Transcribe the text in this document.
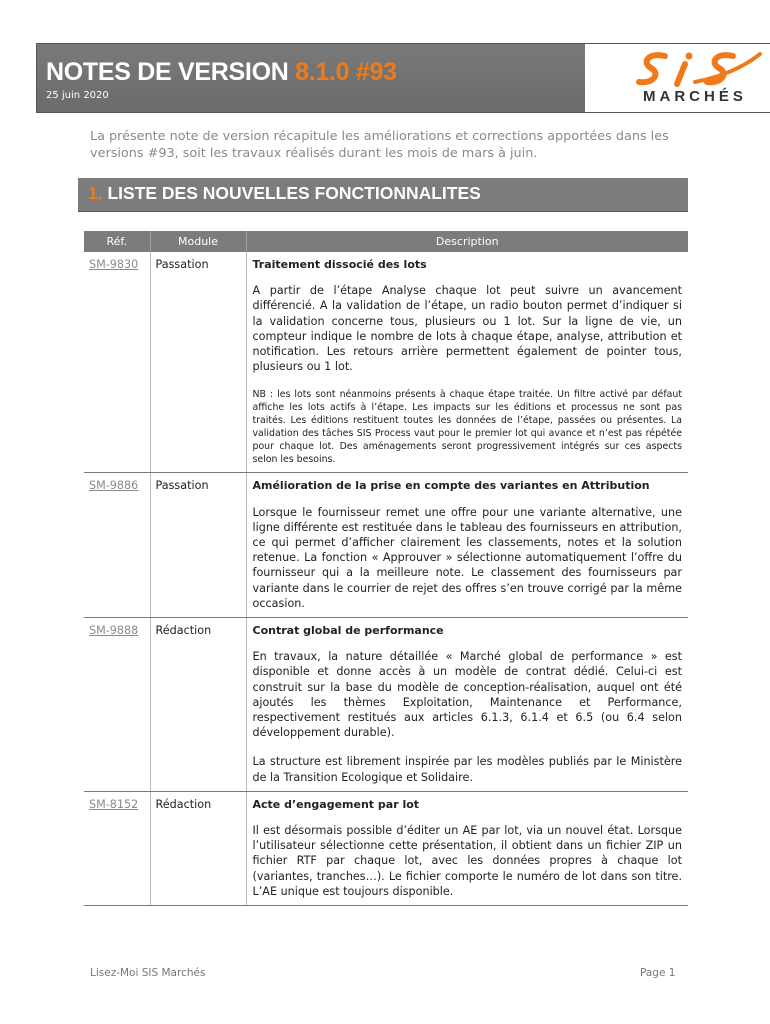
NOTES DE VERSION 8.1.0 #93
25 juin 2020	MARCHÉS
La présente note de version récapitule les améliorations et corrections apportées dans les versions #93, soit les travaux réalisés durant les mois de mars à juin.
1. LISTE DES NOUVELLES FONCTIONNALITES
Réf.	Module	Description
SM-9830	Passation	Traitement dissocié des lots

A partir de l’étape Analyse chaque lot peut suivre un avancement différencié. A la validation de l’étape, un radio bouton permet d’indiquer si la validation concerne tous, plusieurs ou 1 lot. Sur la ligne de vie, un compteur indique le nombre de lots à chaque étape, analyse, attribution et notification. Les retours arrière permettent également de pointer tous, plusieurs ou 1 lot.

NB : les lots sont néanmoins présents à chaque étape traitée. Un filtre activé par défaut affiche les lots actifs à l’étape. Les impacts sur les éditions et processus ne sont pas traités. Les éditions restituent toutes les données de l’étape, passées ou présentes. La validation des tâches SIS Process vaut pour le premier lot qui avance et n’est pas répétée pour chaque lot. Des aménagements seront progressivement intégrés sur ces aspects selon les besoins.

SM-9886	Passation	Amélioration de la prise en compte des variantes en Attribution

Lorsque le fournisseur remet une offre pour une variante alternative, une ligne différente est restituée dans le tableau des fournisseurs en attribution, ce qui permet d’afficher clairement les classements, notes et la solution retenue. La fonction « Approuver » sélectionne automatiquement l’offre du fournisseur qui a la meilleure note. Le classement des fournisseurs par variante dans le courrier de rejet des offres s’en trouve corrigé par la même occasion.

SM-9888	Rédaction	Contrat global de performance

En travaux, la nature détaillée « Marché global de performance » est disponible et donne accès à un modèle de contrat dédié. Celui-ci est construit sur la base du modèle de conception-réalisation, auquel ont été ajoutés les thèmes Exploitation, Maintenance et Performance, respectivement restitués aux articles 6.1.3, 6.1.4 et 6.5 (ou 6.4 selon développement durable).

La structure est librement inspirée par les modèles publiés par le Ministère de la Transition Ecologique et Solidaire.

SM-8152	Rédaction	Acte d’engagement par lot

Il est désormais possible d’éditer un AE par lot, via un nouvel état. Lorsque l’utilisateur sélectionne cette présentation, il obtient dans un fichier ZIP un fichier RTF par chaque lot, avec les données propres à chaque lot (variantes, tranches…). Le fichier comporte le numéro de lot dans son titre. L’AE unique est toujours disponible.

Lisez-Moi SIS Marchés	Page 1
